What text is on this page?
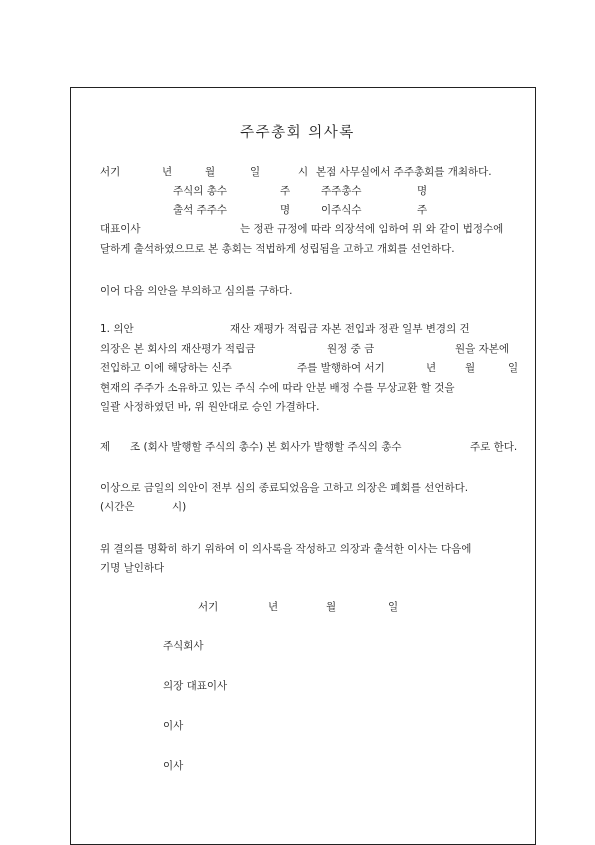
주주총회 의사록
서기	년	월	일	시 본점 사무실에서 주주총회를 개최하다.
주식의 총수	주	주주총수	명
출석 주주수	명	이주식수	주
대표이사	는 정관 규정에 따라 의장석에 임하여 위 와 같이 법정수에
달하게 출석하였으므로 본 총회는 적법하게 성립됨을 고하고 개회를 선언하다.
이어 다음 의안을 부의하고 심의를 구하다.
1. 의안	재산 재평가 적립금 자본 전입과 정관 일부 변경의 건
의장은 본 회사의 재산평가 적립금	원정 중 금	원을 자본에
전입하고 이에 해당하는 신주	주를 발행하여 서기	년	월	일
현재의 주주가 소유하고 있는 주식 수에 따라 안분 배정 수를 무상교환 할 것을
일괄 사정하였던 바, 위 원안대로 승인 가결하다.
제 조 (회사 발행할 주식의 총수) 본 회사가 발행할 주식의 총수	주로 한다.
이상으로 금일의 의안이 전부 심의 종료되었음을 고하고 의장은 폐회를 선언하다.
(시간은	시)
위 결의를 명확히 하기 위하여 이 의사록을 작성하고 의장과 출석한 이사는 다음에
기명 날인하다
서기	년	월	일
주식회사
의장 대표이사
이사
이사
